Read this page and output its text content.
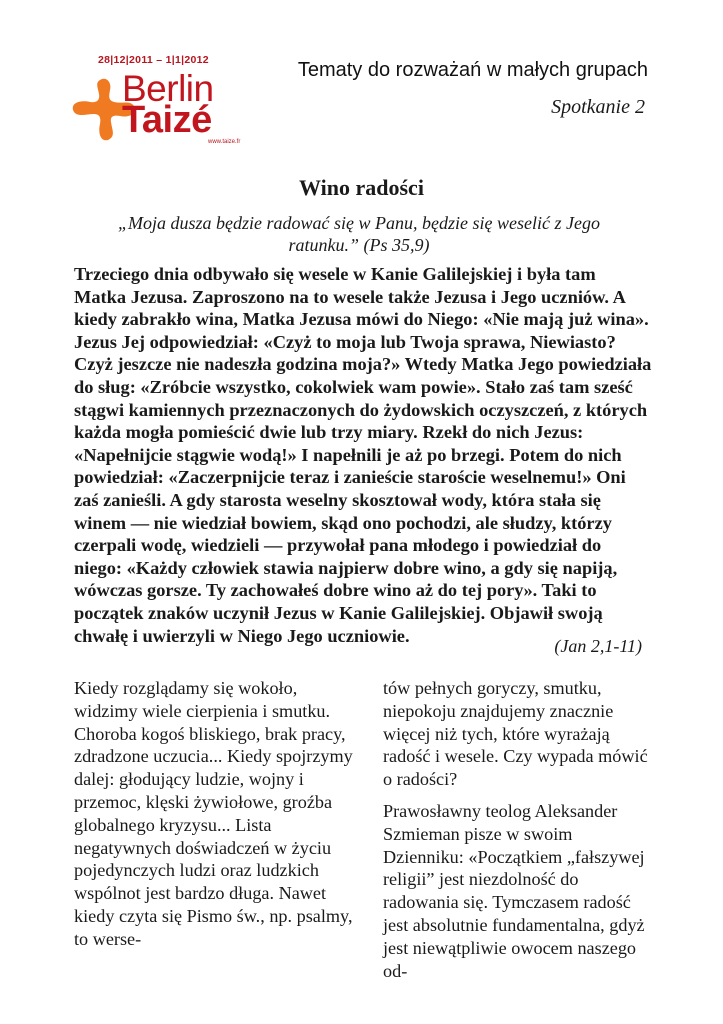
28|12|2011 – 1|1|2012
Berlin
Taizé
www.taize.fr
Tematy do rozważań w małych grupach
Spotkanie 2
Wino radości
„Moja dusza będzie radować się w Panu, będzie się weselić z Jego ratunku.” (Ps 35,9)
Trzeciego dnia odbywało się wesele w Kanie Galilejskiej i była tam Matka Jezusa. Zaproszono na to wesele także Jezusa i Jego uczniów. A kiedy zabrakło wina, Matka Jezusa mówi do Niego: «Nie mają już wina». Jezus Jej odpowiedział: «Czyż to moja lub Twoja sprawa, Niewiasto? Czyż jeszcze nie nadeszła godzina moja?» Wtedy Matka Jego powiedziała do sług: «Zróbcie wszystko, cokolwiek wam powie». Stało zaś tam sześć stągwi kamiennych przeznaczonych do żydowskich oczyszczeń, z których każda mogła pomieścić dwie lub trzy miary. Rzekł do nich Jezus: «Napełnijcie stągwie wodą!» I napełnili je aż po brzegi. Potem do nich powiedział: «Zaczerpnijcie teraz i zanieście staroście weselnemu!» Oni zaś zanieśli. A gdy starosta weselny skosztował wody, która stała się winem — nie wiedział bowiem, skąd ono pochodzi, ale słudzy, którzy czerpali wodę, wiedzieli — przywołał pana młodego i powiedział do niego: «Każdy człowiek stawia najpierw dobre wino, a gdy się napiją, wówczas gorsze. Ty zachowałeś dobre wino aż do tej pory». Taki to początek znaków uczynił Jezus w Kanie Galilejskiej. Objawił swoją chwałę i uwierzyli w Niego Jego uczniowie.
(Jan 2,1-11)

Kiedy rozglądamy się wokoło, widzimy wiele cierpienia i smutku. Choroba kogoś bliskiego, brak pracy, zdradzone uczucia... Kiedy spojrzymy dalej: głodujący ludzie, wojny i przemoc, klęski żywiołowe, groźba globalnego kryzysu... Lista negatywnych doświadczeń w życiu pojedynczych ludzi oraz ludzkich wspólnot jest bardzo długa. Nawet kiedy czyta się Pismo św., np. psalmy, to werse-

tów pełnych goryczy, smutku, niepokoju znajdujemy znacznie więcej niż tych, które wyrażają radość i wesele. Czy wypada mówić o radości?

Prawosławny teolog Aleksander Szmieman pisze w swoim Dzienniku: «Początkiem „fałszywej religii” jest niezdolność do radowania się. Tymczasem radość jest absolutnie fundamentalna, gdyż jest niewątpliwie owocem naszego od-
